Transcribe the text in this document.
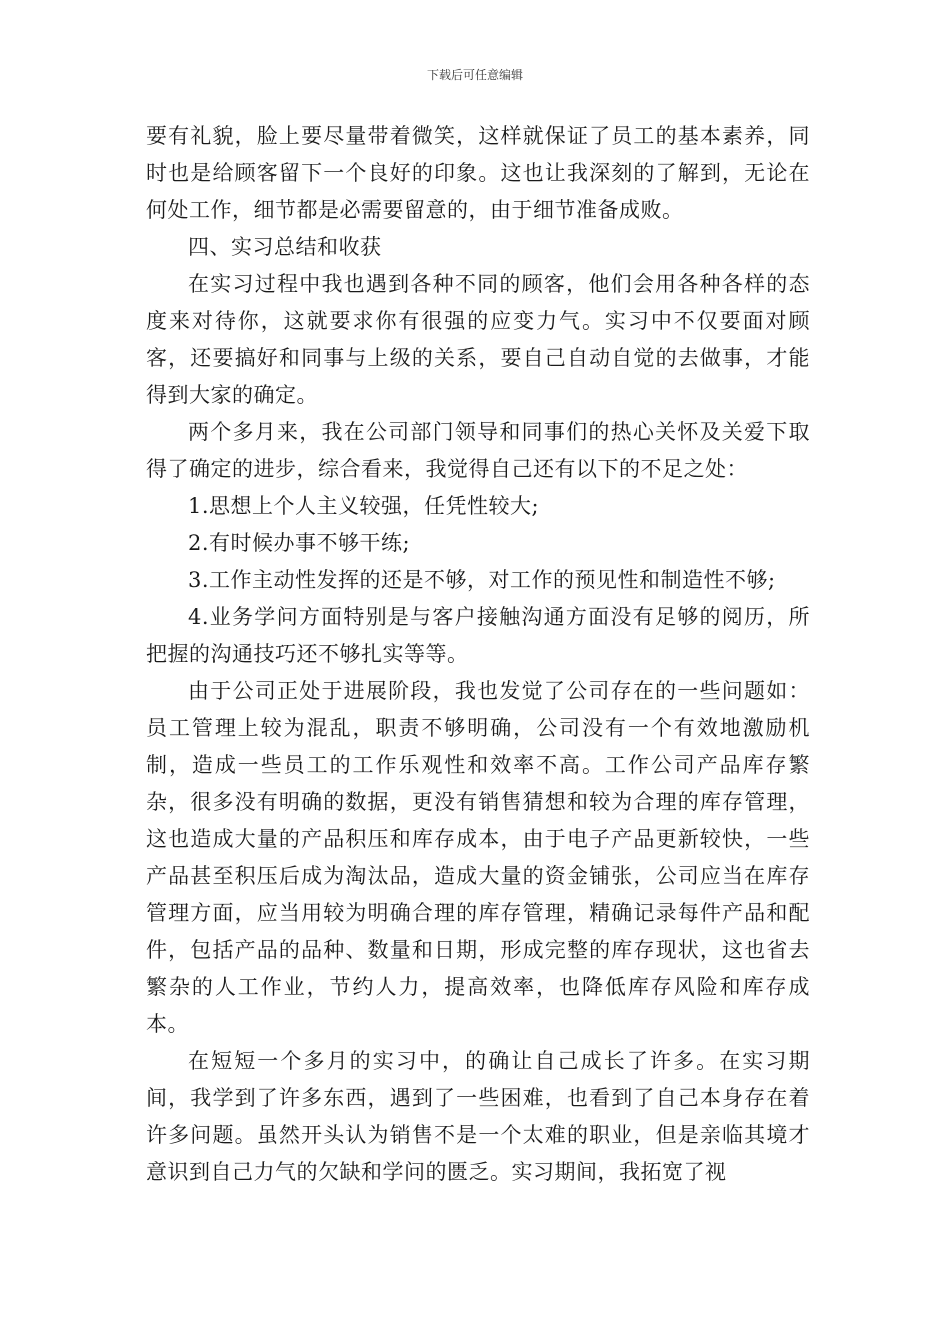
下载后可任意编辑

要有礼貌，脸上要尽量带着微笑，这样就保证了员工的基本素养，同时也是给顾客留下一个良好的印象。这也让我深刻的了解到，无论在何处工作，细节都是必需要留意的，由于细节准备成败。

四、实习总结和收获

在实习过程中我也遇到各种不同的顾客，他们会用各种各样的态度来对待你，这就要求你有很强的应变力气。实习中不仅要面对顾客，还要搞好和同事与上级的关系，要自己自动自觉的去做事，才能得到大家的确定。

两个多月来，我在公司部门领导和同事们的热心关怀及关爱下取得了确定的进步，综合看来，我觉得自己还有以下的不足之处：

1.思想上个人主义较强，任凭性较大;

2.有时候办事不够干练;

3.工作主动性发挥的还是不够，对工作的预见性和制造性不够;

4.业务学问方面特别是与客户接触沟通方面没有足够的阅历，所把握的沟通技巧还不够扎实等等。

由于公司正处于进展阶段，我也发觉了公司存在的一些问题如：员工管理上较为混乱，职责不够明确，公司没有一个有效地激励机制，造成一些员工的工作乐观性和效率不高。工作公司产品库存繁杂，很多没有明确的数据，更没有销售猜想和较为合理的库存管理，这也造成大量的产品积压和库存成本，由于电子产品更新较快，一些产品甚至积压后成为淘汰品，造成大量的资金铺张，公司应当在库存管理方面，应当用较为明确合理的库存管理，精确记录每件产品和配件，包括产品的品种、数量和日期，形成完整的库存现状，这也省去繁杂的人工作业，节约人力，提高效率，也降低库存风险和库存成本。

在短短一个多月的实习中，的确让自己成长了许多。在实习期间，我学到了许多东西，遇到了一些困难，也看到了自己本身存在着许多问题。虽然开头认为销售不是一个太难的职业，但是亲临其境才意识到自己力气的欠缺和学问的匮乏。实习期间，我拓宽了视
